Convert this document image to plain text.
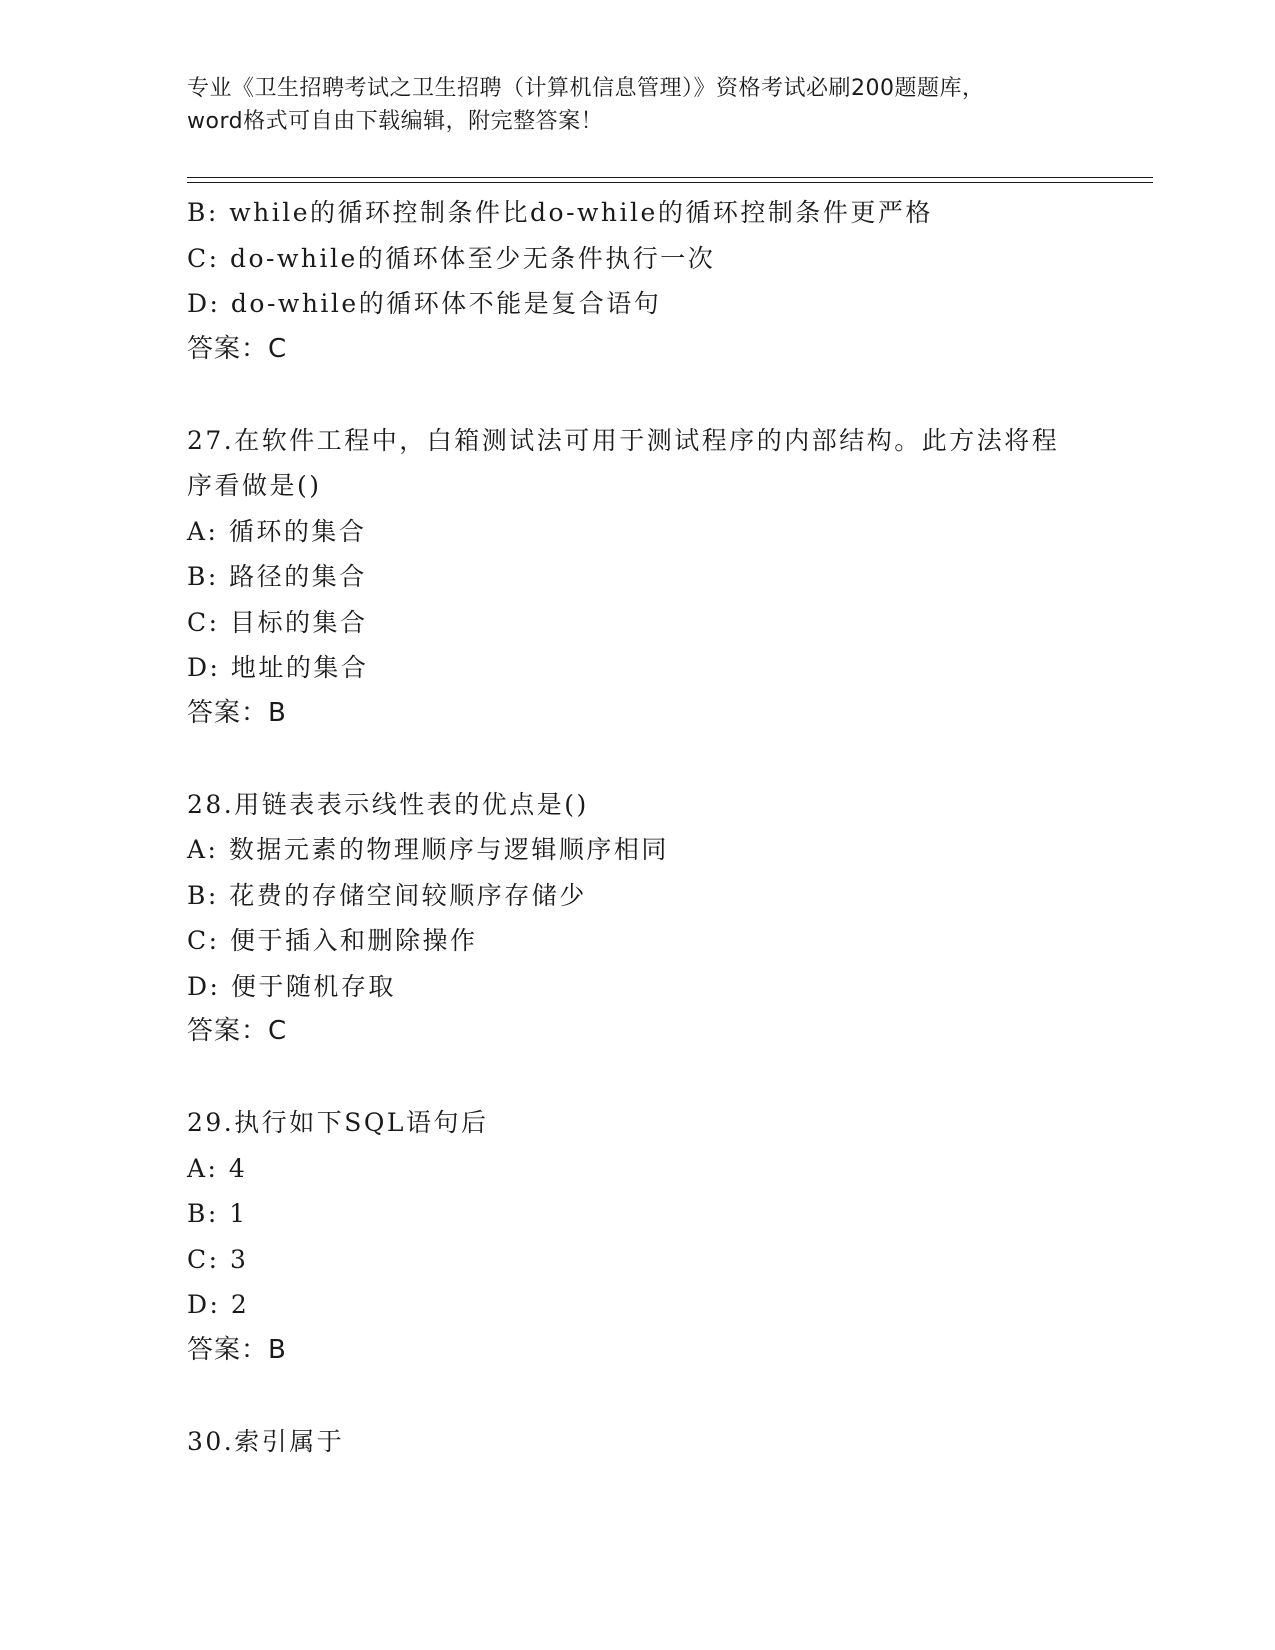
专业《卫生招聘考试之卫生招聘（计算机信息管理）》资格考试必刷200题题库，
word格式可自由下载编辑，附完整答案！
B: while的循环控制条件比do-while的循环控制条件更严格
C: do-while的循环体至少无条件执行一次
D: do-while的循环体不能是复合语句
答案：C
27.在软件工程中，白箱测试法可用于测试程序的内部结构。此方法将程序看做是()
A: 循环的集合
B: 路径的集合
C: 目标的集合
D: 地址的集合
答案：B
28.用链表表示线性表的优点是()
A: 数据元素的物理顺序与逻辑顺序相同
B: 花费的存储空间较顺序存储少
C: 便于插入和删除操作
D: 便于随机存取
答案：C
29.执行如下SQL语句后
A: 4
B: 1
C: 3
D: 2
答案：B
30.索引属于
